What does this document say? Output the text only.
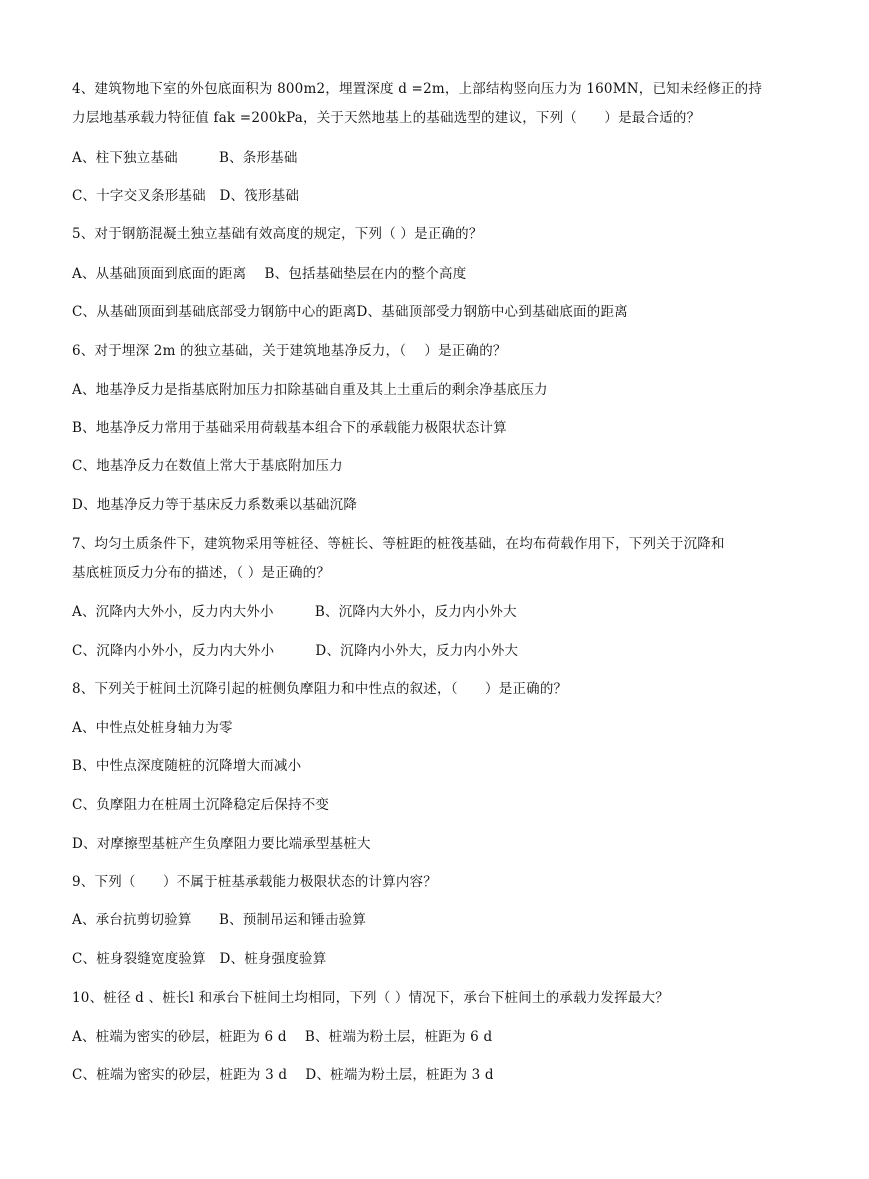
4、建筑物地下室的外包底面积为 800m2，埋置深度 d =2m，上部结构竖向压力为 160MN，已知未经修正的持
力层地基承载力特征值 fak =200kPa，关于天然地基上的基础选型的建议，下列（　　）是最合适的？
A、柱下独立基础　　　B、条形基础
C、十字交叉条形基础　D、筏形基础
5、对于钢筋混凝土独立基础有效高度的规定，下列（ ）是正确的？
A、从基础顶面到底面的距离　 B、包括基础垫层在内的整个高度
C、从基础顶面到基础底部受力钢筋中心的距离D、基础顶部受力钢筋中心到基础底面的距离
6、对于埋深 2m 的独立基础，关于建筑地基净反力，（　 ）是正确的？
A、地基净反力是指基底附加压力扣除基础自重及其上土重后的剩余净基底压力
B、地基净反力常用于基础采用荷载基本组合下的承载能力极限状态计算
C、地基净反力在数值上常大于基底附加压力
D、地基净反力等于基床反力系数乘以基础沉降
7、均匀土质条件下，建筑物采用等桩径、等桩长、等桩距的桩筏基础，在均布荷载作用下，下列关于沉降和
基底桩顶反力分布的描述，（ ）是正确的？
A、沉降内大外小，反力内大外小　　　B、沉降内大外小，反力内小外大
C、沉降内小外小，反力内大外小　　　D、沉降内小外大，反力内小外大
8、下列关于桩间土沉降引起的桩侧负摩阻力和中性点的叙述，（　　）是正确的？
A、中性点处桩身轴力为零
B、中性点深度随桩的沉降增大而减小
C、负摩阻力在桩周土沉降稳定后保持不变
D、对摩擦型基桩产生负摩阻力要比端承型基桩大
9、下列（　　）不属于桩基承载能力极限状态的计算内容？
A、承台抗剪切验算　　B、预制吊运和锤击验算
C、桩身裂缝宽度验算　D、桩身强度验算
10、桩径 d 、桩长l 和承台下桩间土均相同，下列（ ）情况下，承台下桩间土的承载力发挥最大？
A、桩端为密实的砂层，桩距为 6 d　 B、桩端为粉土层，桩距为 6 d
C、桩端为密实的砂层，桩距为 3 d　 D、桩端为粉土层，桩距为 3 d
